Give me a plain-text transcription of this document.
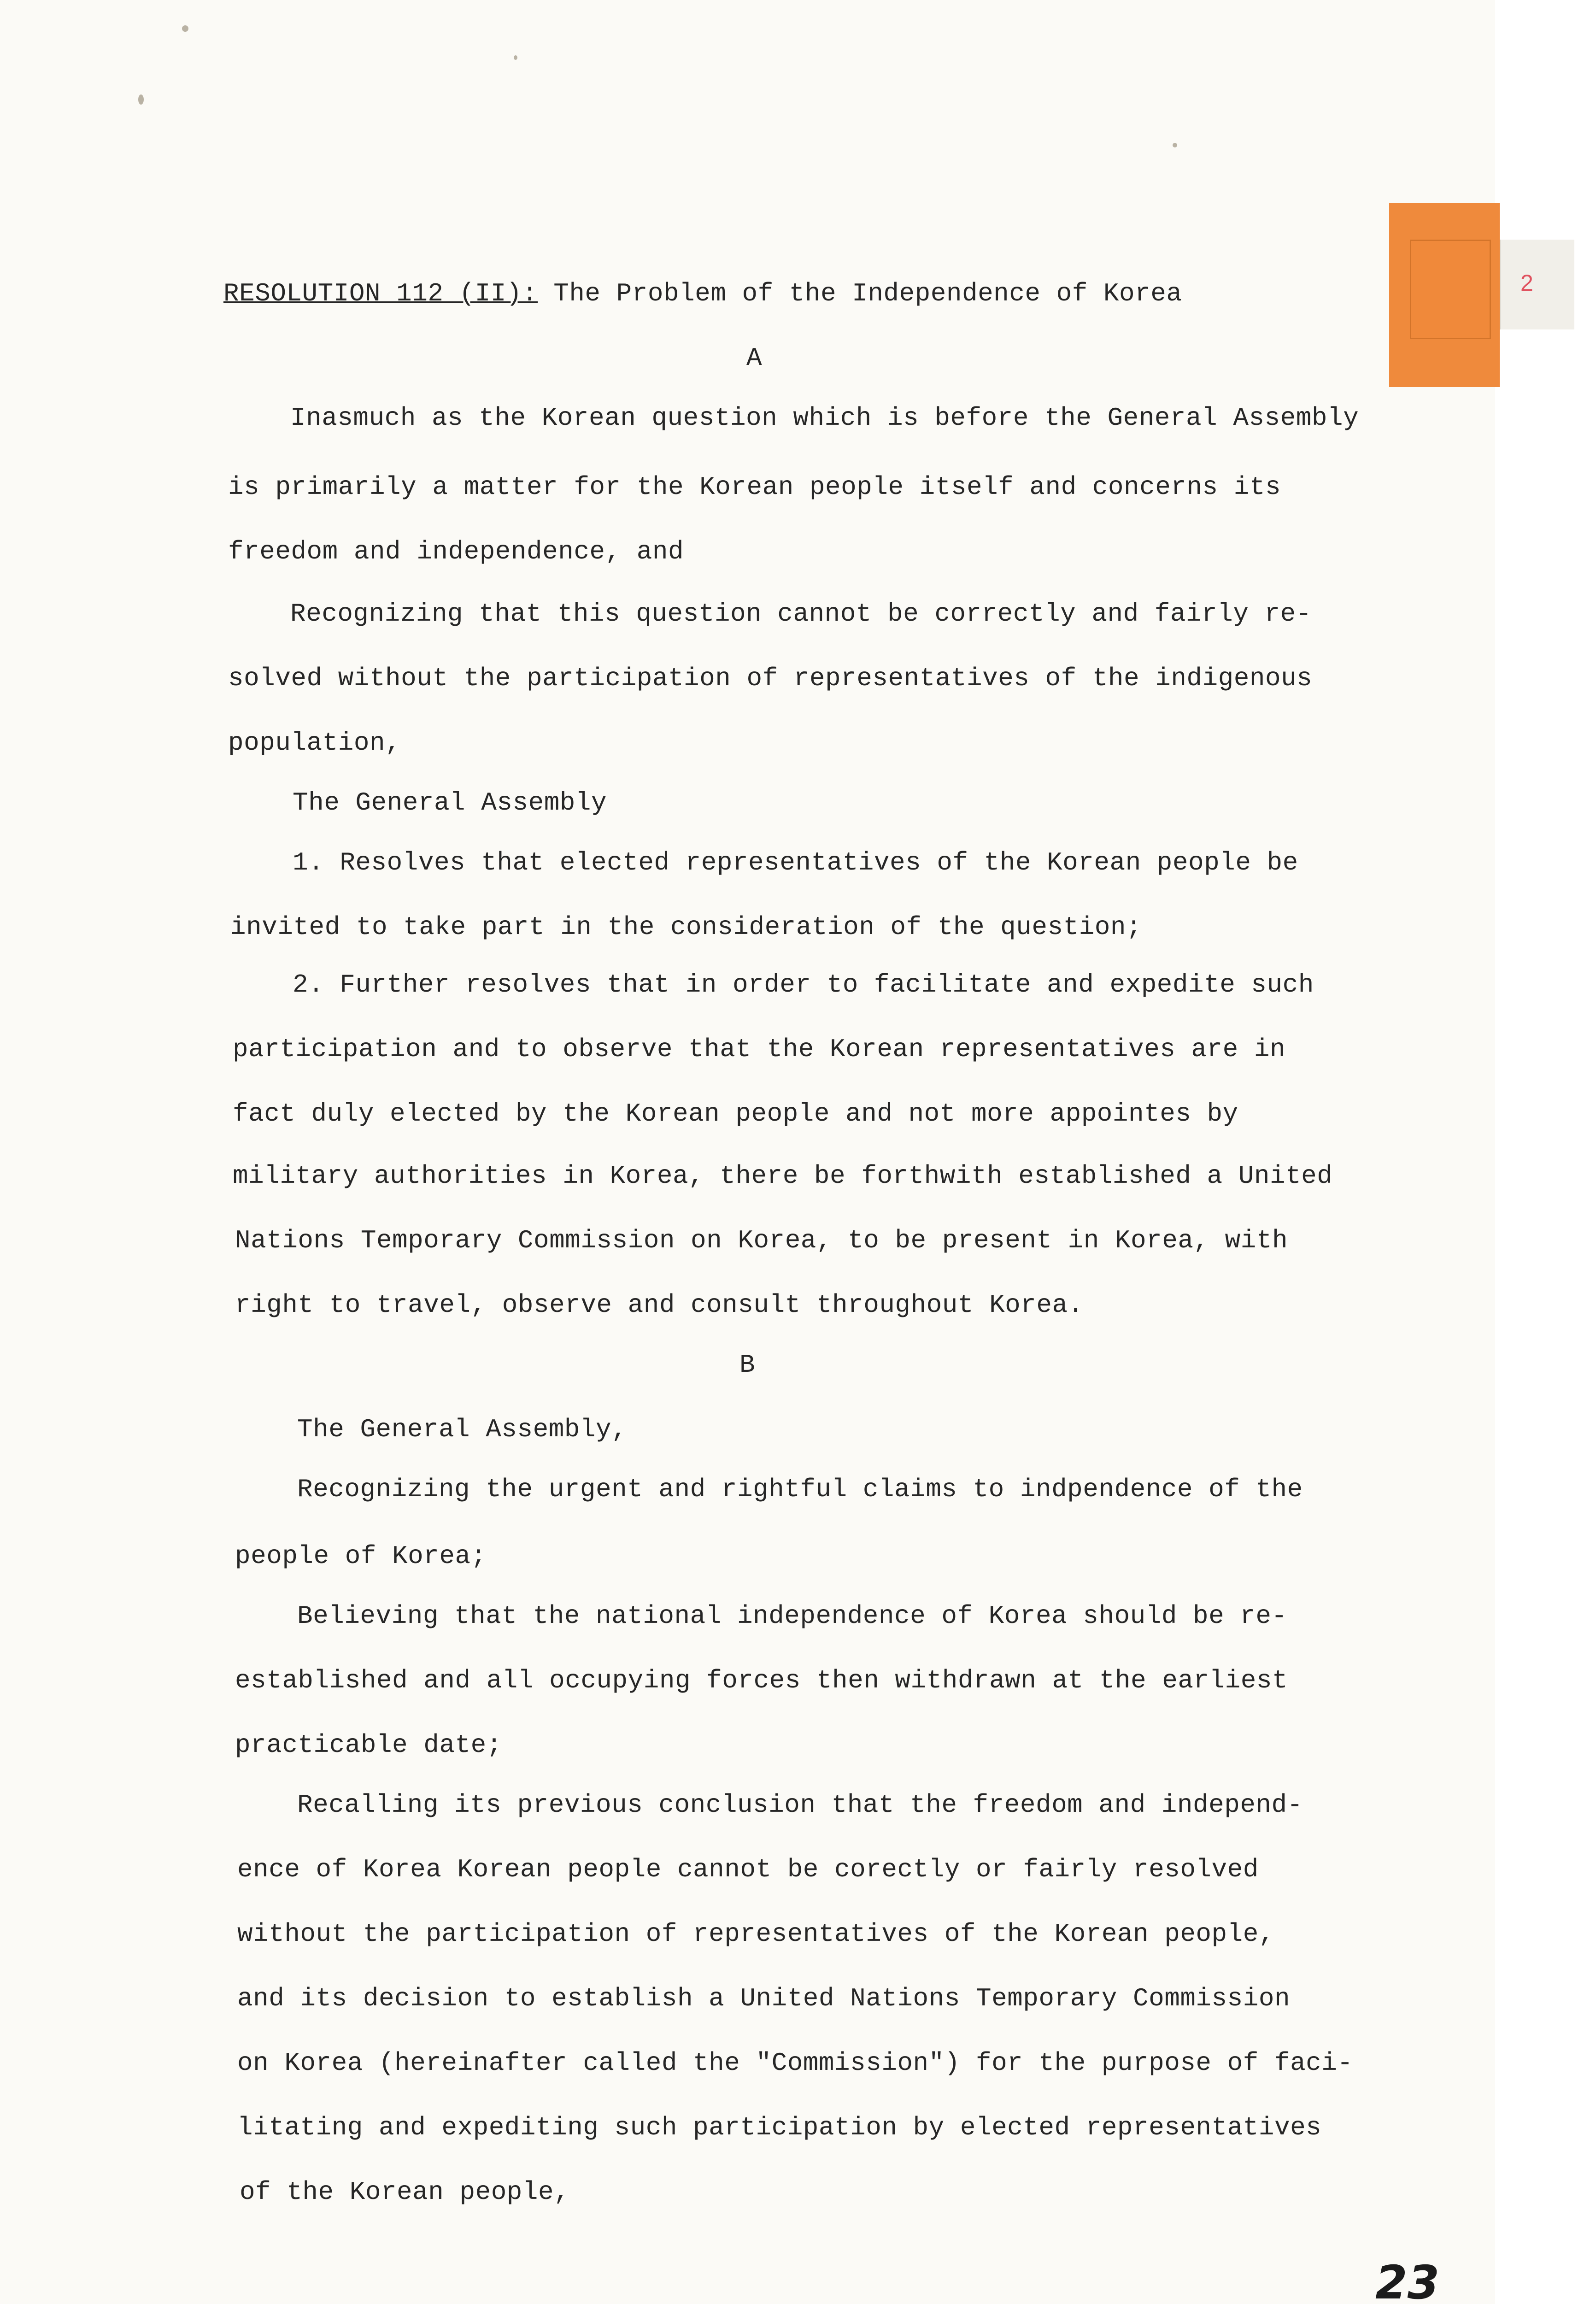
2
RESOLUTION 112 (II): The Problem of the Independence of Korea
A
Inasmuch as the Korean question which is before the General Assembly
is primarily a matter for the Korean people itself and concerns its
freedom and independence, and
Recognizing that this question cannot be correctly and fairly re-
solved without the participation of representatives of the indigenous
population,
The General Assembly
1. Resolves that elected representatives of the Korean people be
invited to take part in the consideration of the question;
2. Further resolves that in order to facilitate and expedite such
participation and to observe that the Korean representatives are in
fact duly elected by the Korean people and not more appointes by
military authorities in Korea, there be forthwith established a United
Nations Temporary Commission on Korea, to be present in Korea, with
right to travel, observe and consult throughout Korea.
B
The General Assembly,
Recognizing the urgent and rightful claims to indpendence of the
people of Korea;
Believing that the national independence of Korea should be re-
established and all occupying forces then withdrawn at the earliest
practicable date;
Recalling its previous conclusion that the freedom and independ-
ence of Korea Korean people cannot be corectly or fairly resolved
without the participation of representatives of the Korean people,
and its decision to establish a United Nations Temporary Commission
on Korea (hereinafter called the "Commission") for the purpose of faci-
litating and expediting such participation by elected representatives
of the Korean people,
23
